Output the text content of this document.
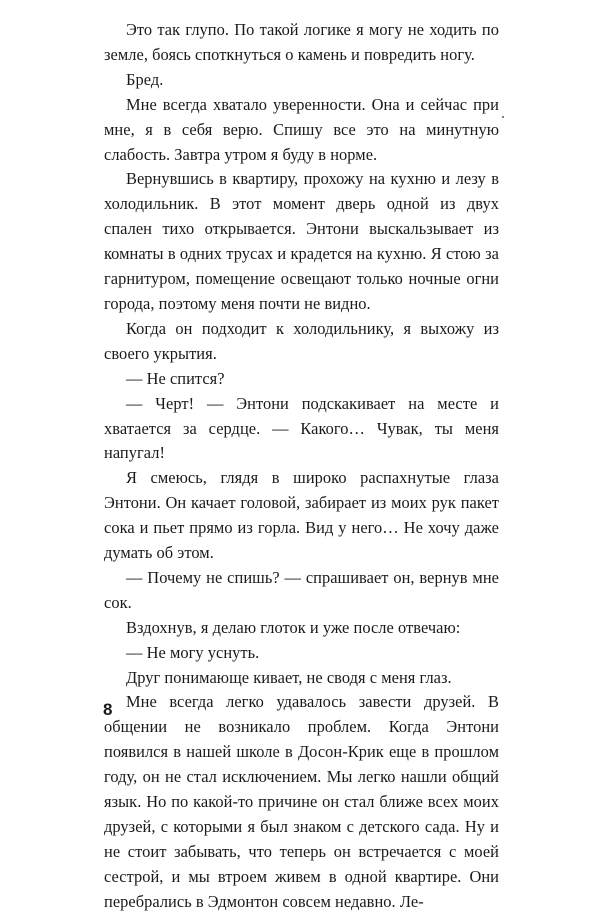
Это так глупо. По такой логике я могу не ходить по земле, боясь споткнуться о камень и повредить ногу.

Бред.

Мне всегда хватало уверенности. Она и сейчас при мне, я в себя верю. Спишу все это на минутную слабость. Завтра утром я буду в норме.

Вернувшись в квартиру, прохожу на кухню и лезу в холодильник. В этот момент дверь одной из двух спален тихо открывается. Энтони выскальзывает из комнаты в одних трусах и крадется на кухню. Я стою за гарнитуром, помещение освещают только ночные огни города, поэтому меня почти не видно.

Когда он подходит к холодильнику, я выхожу из своего укрытия.

— Не спится?

— Черт! — Энтони подскакивает на месте и хватается за сердце. — Какого… Чувак, ты меня напугал!

Я смеюсь, глядя в широко распахнутые глаза Энтони. Он качает головой, забирает из моих рук пакет сока и пьет прямо из горла. Вид у него… Не хочу даже думать об этом.

— Почему не спишь? — спрашивает он, вернув мне сок.

Вздохнув, я делаю глоток и уже после отвечаю:

— Не могу уснуть.

Друг понимающе кивает, не сводя с меня глаз.

Мне всегда легко удавалось завести друзей. В общении не возникало проблем. Когда Энтони появился в нашей школе в Досон-Крик еще в прошлом году, он не стал исключением. Мы легко нашли общий язык. Но по какой-то причине он стал ближе всех моих друзей, с которыми я был знаком с детского сада. Ну и не стоит забывать, что теперь он встречается с моей сестрой, и мы втроем живем в одной квартире. Они перебрались в Эдмонтон совсем недавно. Ле-

8
